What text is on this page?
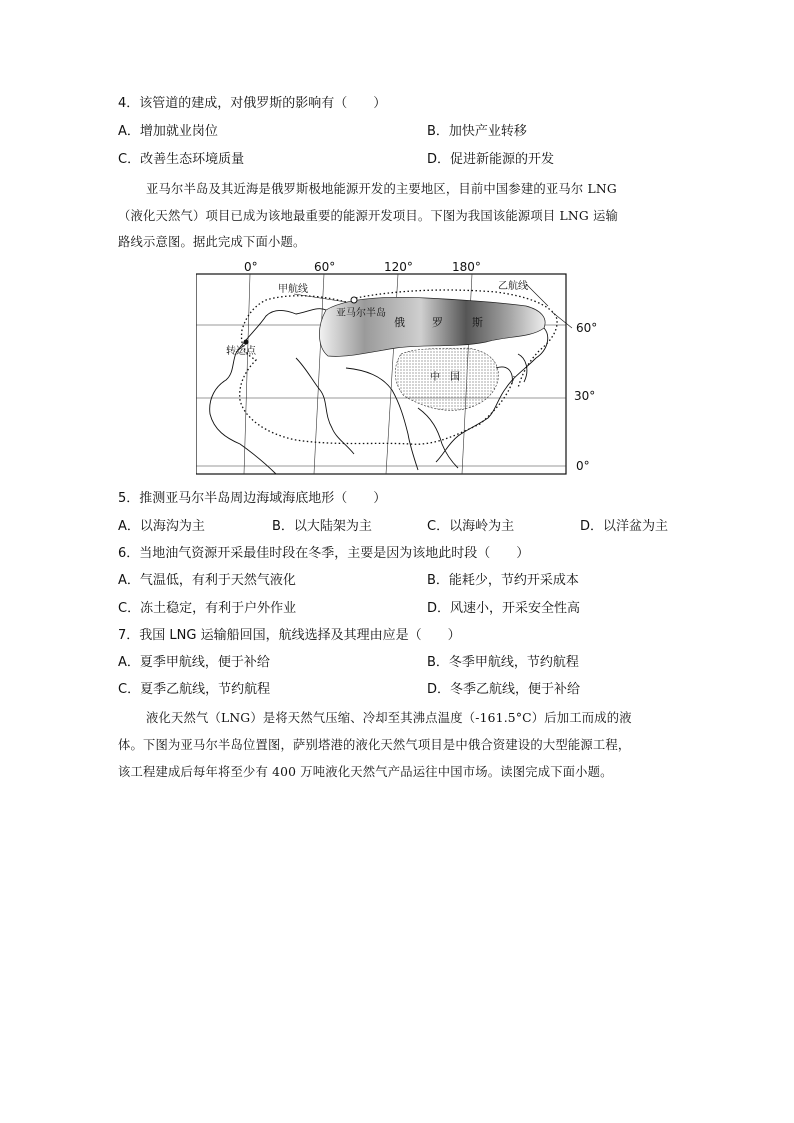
4．该管道的建成，对俄罗斯的影响有（　　）
A．增加就业岗位	B．加快产业转移
C．改善生态环境质量	D．促进新能源的开发
亚马尔半岛及其近海是俄罗斯极地能源开发的主要地区，目前中国参建的亚马尔 LNG
（液化天然气）项目已成为该地最重要的能源开发项目。下图为我国该能源项目 LNG 运输
路线示意图。据此完成下面小题。
0°	60°	120°	180°
60°
30°
0°
甲航线	乙航线
亚马尔半岛
俄 罗	斯
中　国
转运点
5．推测亚马尔半岛周边海域海底地形（　　）
A．以海沟为主	B．以大陆架为主	C．以海岭为主	D．以洋盆为主
6．当地油气资源开采最佳时段在冬季，主要是因为该地此时段（　　）
A．气温低，有利于天然气液化	B．能耗少，节约开采成本
C．冻土稳定，有利于户外作业	D．风速小，开采安全性高
7．我国 LNG 运输船回国，航线选择及其理由应是（　　）
A．夏季甲航线，便于补给	B．冬季甲航线，节约航程
C．夏季乙航线，节约航程	D．冬季乙航线，便于补给
液化天然气（LNG）是将天然气压缩、冷却至其沸点温度（-161.5°C）后加工而成的液
体。下图为亚马尔半岛位置图，萨别塔港的液化天然气项目是中俄合资建设的大型能源工程，
该工程建成后每年将至少有 400 万吨液化天然气产品运往中国市场。读图完成下面小题。
